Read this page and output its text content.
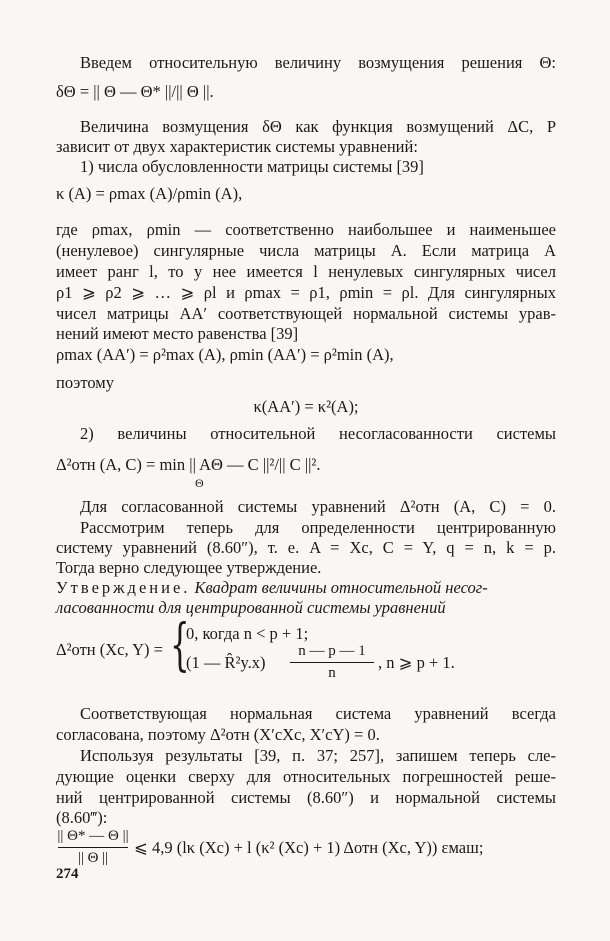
Введем относительную величину возмущения решения Θ:

δΘ = || Θ — Θ* ||/|| Θ ||.

Величина возмущения δΘ как функция возмущений ΔC, P

зависит от двух характеристик системы уравнений:

1) числа обусловленности матрицы системы [39]

κ (A) = ρmax (A)/ρmin (A),

где ρmax, ρmin — соответственно наибольшее и наименьшее

(ненулевое) сингулярные числа матрицы A. Если матрица A

имеет ранг l, то у нее имеется l ненулевых сингулярных чисел

ρ1 ⩾ ρ2 ⩾ … ⩾ ρl и ρmax = ρ1, ρmin = ρl. Для сингулярных

чисел матрицы AA′ соответствующей нормальной системы урав-

нений имеют место равенства [39]

ρmax (AA′) = ρ²max (A), ρmin (AA′) = ρ²min (A),

поэтому

κ(AA′) = κ²(A);

2) величины относительной несогласованности системы

Δ²отн (A, C) = min || AΘ — C ||²/|| C ||².

Θ

Для согласованной системы уравнений Δ²отн (A, C) = 0.

Рассмотрим теперь для определенности центрированную

систему уравнений (8.60″), т. е. A = Xc, C = Y, q = n, k = p.

Тогда верно следующее утверждение.

Утверждение. Квадрат величины относительной несог-

ласованности для центрированной системы уравнений

Δ²отн (Xc, Y) = {
0, когда n < p + 1;
(1 — R̂²y.x)
n — p — 1
n
, n ⩾ p + 1.

Соответствующая нормальная система уравнений всегда

согласована, поэтому Δ²отн (X′cXc, X′cY) = 0.

Используя результаты [39, п. 37; 257], запишем теперь сле-

дующие оценки сверху для относительных погрешностей реше-

ний центрированной системы (8.60″) и нормальной системы

(8.60‴):

|| Θ* — Θ ||
|| Θ ||
⩽ 4,9 (lκ (Xc) + l (κ² (Xc) + 1) Δотн (Xc, Y)) εмаш;
274
